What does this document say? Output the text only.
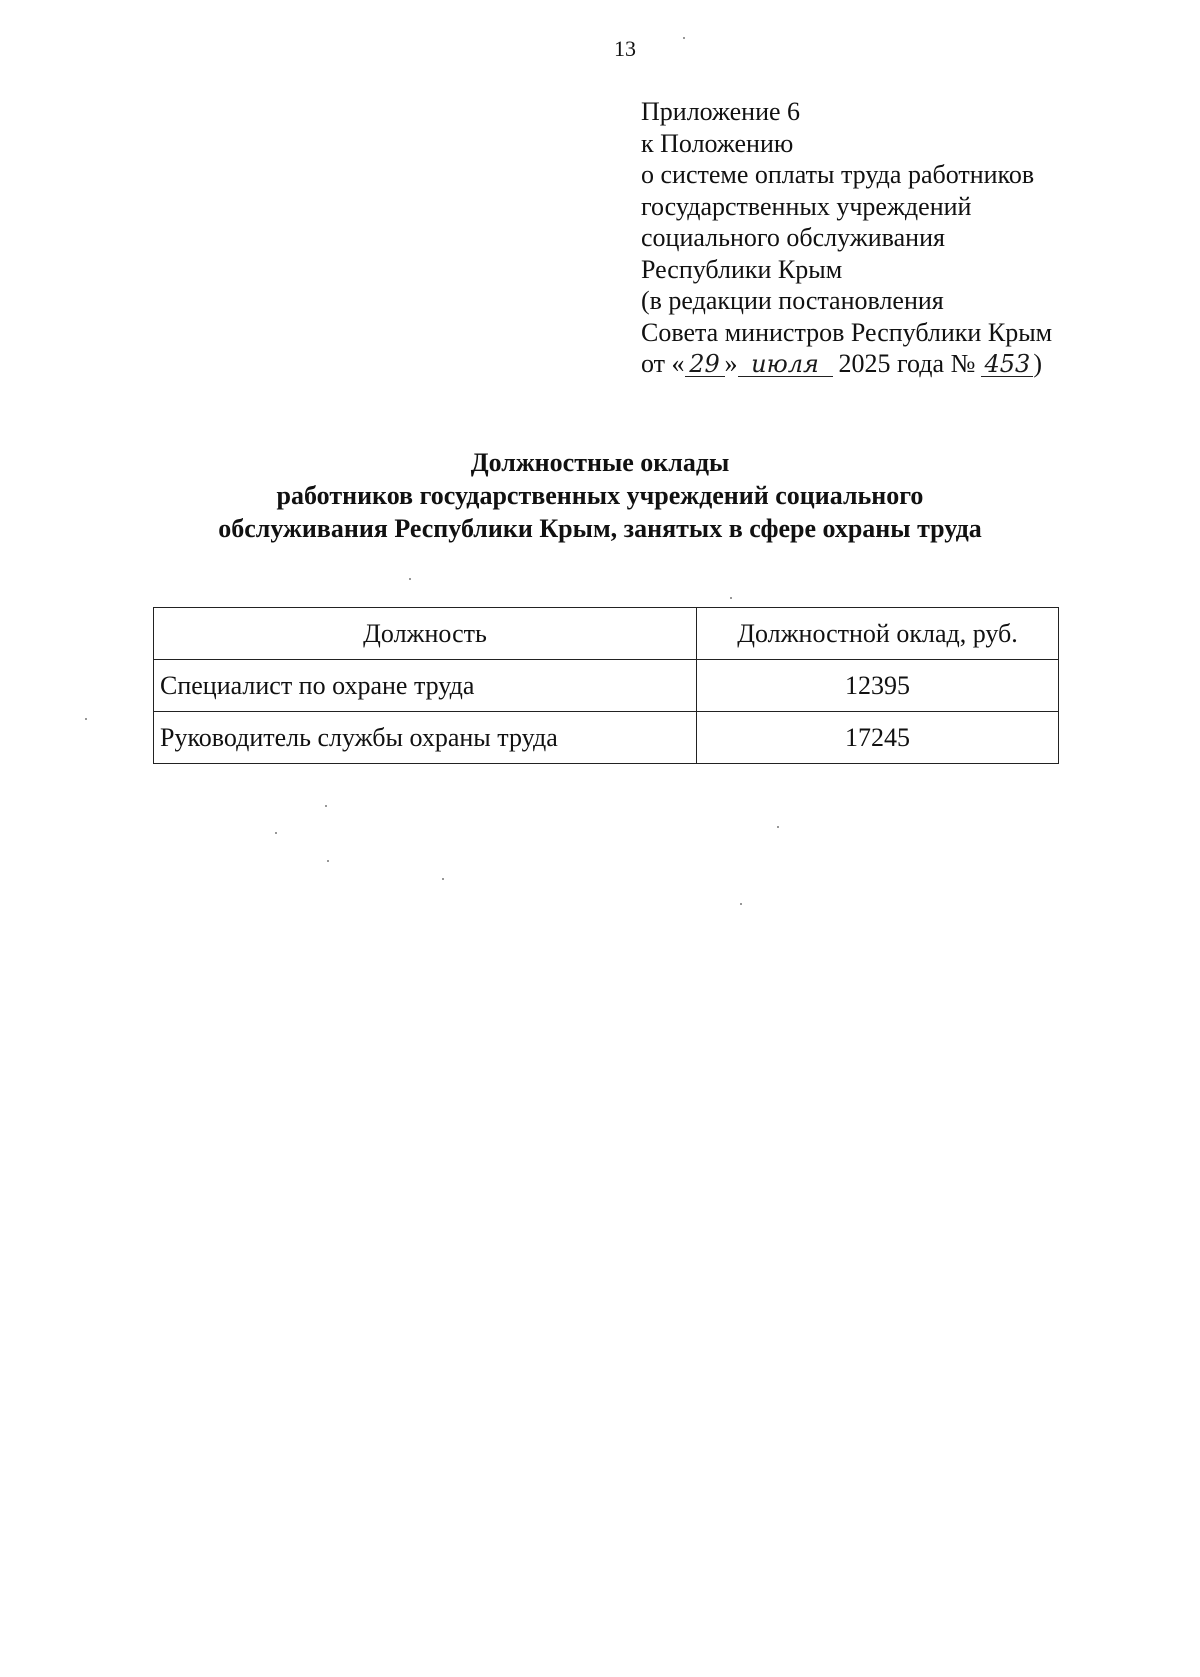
13
Приложение 6
к Положению
о системе оплаты труда работников
государственных учреждений
социального обслуживания
Республики Крым
(в редакции постановления
Совета министров Республики Крым
от « 29 » июля 2025 года № 453 )
Должностные оклады
работников государственных учреждений социального
обслуживания Республики Крым, занятых в сфере охраны труда
Должность	Должностной оклад, руб.
Специалист по охране труда	12395
Руководитель службы охраны труда	17245
